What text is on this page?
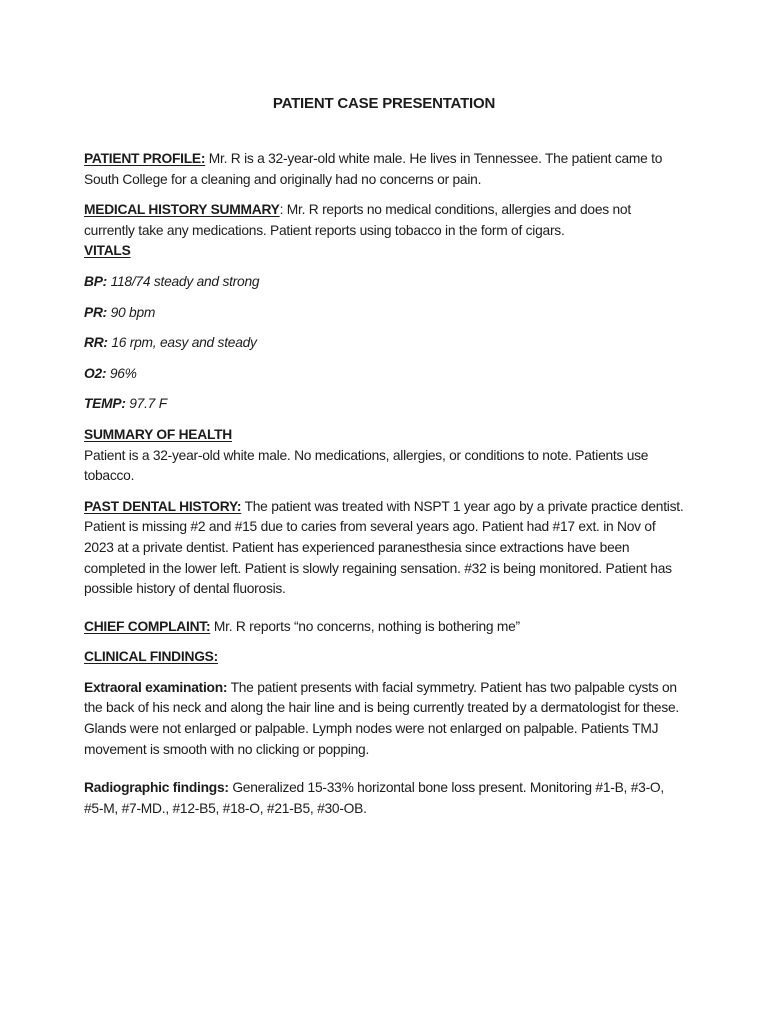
PATIENT CASE PRESENTATION

PATIENT PROFILE: Mr. R is a 32-year-old white male. He lives in Tennessee. The patient came to South College for a cleaning and originally had no concerns or pain.

MEDICAL HISTORY SUMMARY: Mr. R reports no medical conditions, allergies and does not currently take any medications. Patient reports using tobacco in the form of cigars.

VITALS

BP: 118/74 steady and strong

PR: 90 bpm

RR: 16 rpm, easy and steady

O2: 96%

TEMP: 97.7 F

SUMMARY OF HEALTH

Patient is a 32-year-old white male. No medications, allergies, or conditions to note. Patients use tobacco.

PAST DENTAL HISTORY: The patient was treated with NSPT 1 year ago by a private practice dentist. Patient is missing #2 and #15 due to caries from several years ago. Patient had #17 ext. in Nov of 2023 at a private dentist. Patient has experienced paranesthesia since extractions have been completed in the lower left. Patient is slowly regaining sensation. #32 is being monitored. Patient has possible history of dental fluorosis.

CHIEF COMPLAINT: Mr. R reports “no concerns, nothing is bothering me”

CLINICAL FINDINGS:

Extraoral examination: The patient presents with facial symmetry. Patient has two palpable cysts on the back of his neck and along the hair line and is being currently treated by a dermatologist for these. Glands were not enlarged or palpable. Lymph nodes were not enlarged on palpable. Patients TMJ movement is smooth with no clicking or popping.

Radiographic findings: Generalized 15-33% horizontal bone loss present. Monitoring #1-B, #3-O, #5-M, #7-MD., #12-B5, #18-O, #21-B5, #30-OB.
